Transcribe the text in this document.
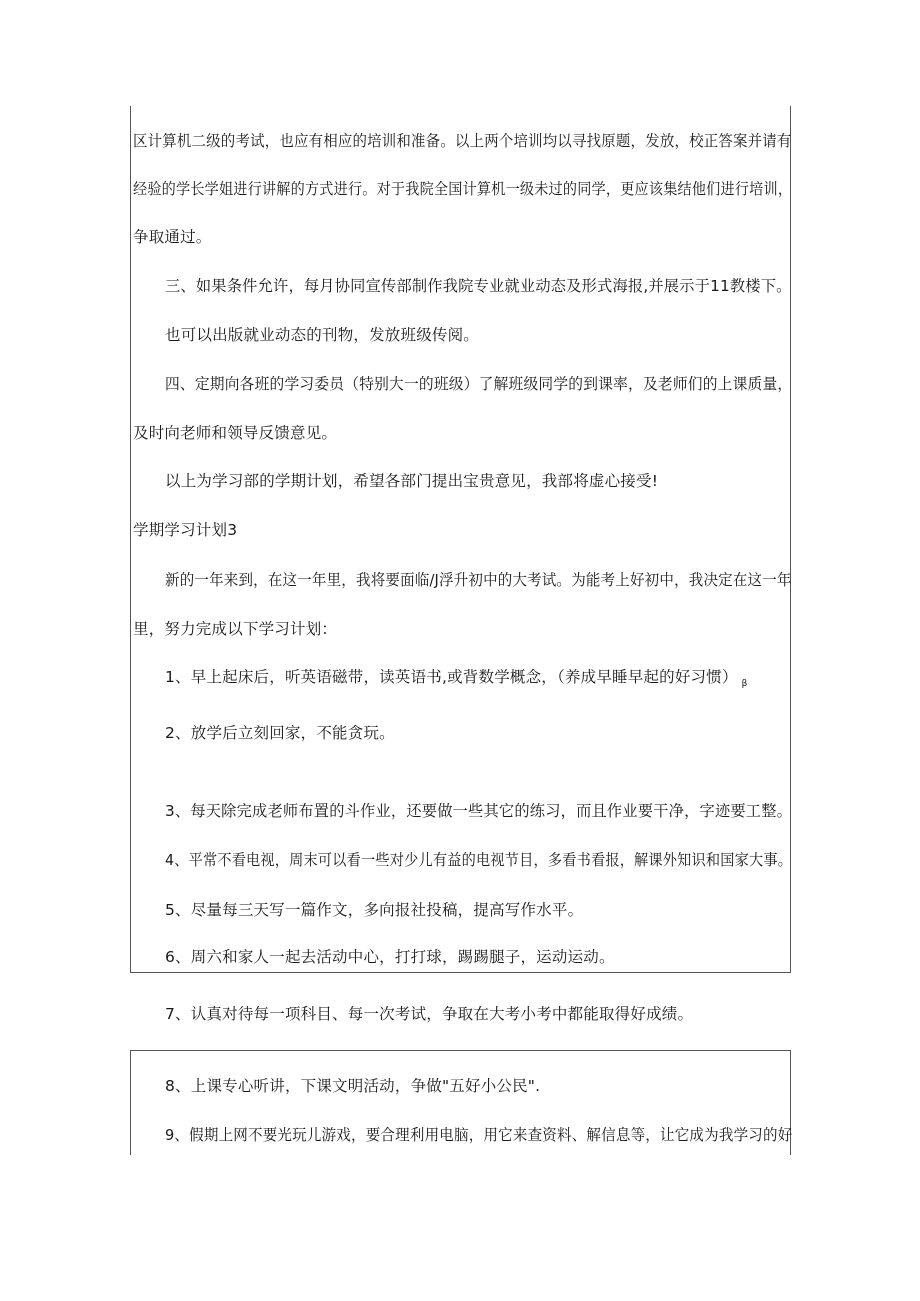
区计算机二级的考试，也应有相应的培训和准备。以上两个培训均以寻找原题，发放，校正答案并请有
经验的学长学姐进行讲解的方式进行。对于我院全国计算机一级未过的同学，更应该集结他们进行培训，
争取通过。
三、如果条件允许，每月协同宣传部制作我院专业就业动态及形式海报,并展示于11教楼下。
也可以出版就业动态的刊物，发放班级传阅。
四、定期向各班的学习委员（特别大一的班级）了解班级同学的到课率，及老师们的上课质量，
及时向老师和领导反馈意见。
以上为学习部的学期计划，希望各部门提出宝贵意见，我部将虚心接受!
学期学习计划3
新的一年来到，在这一年里，我将要面临/J浮升初中的大考试。为能考上好初中，我决定在这一年
里，努力完成以下学习计划：
1、早上起床后，听英语磁带，读英语书,或背数学概念，（养成早睡早起的好习惯） $_\beta$
2、放学后立刻回家，不能贪玩。
3、每天除完成老师布置的斗作业，还要做一些其它的练习，而且作业要干净，字迹要工整。
4、平常不看电视，周末可以看一些对少儿有益的电视节目，多看书看报，解课外知识和国家大事。
5、尽量每三天写一篇作文，多向报社投稿，提高写作水平。
6、周六和家人一起去活动中心，打打球，踢踢腿子，运动运动。
7、认真对待每一项科目、每一次考试，争取在大考小考中都能取得好成绩。
8、上课专心听讲，下课文明活动，争做"五好小公民".
9、假期上网不要光玩儿游戏，要合理利用电脑，用它来查资料、解信息等，让它成为我学习的好
